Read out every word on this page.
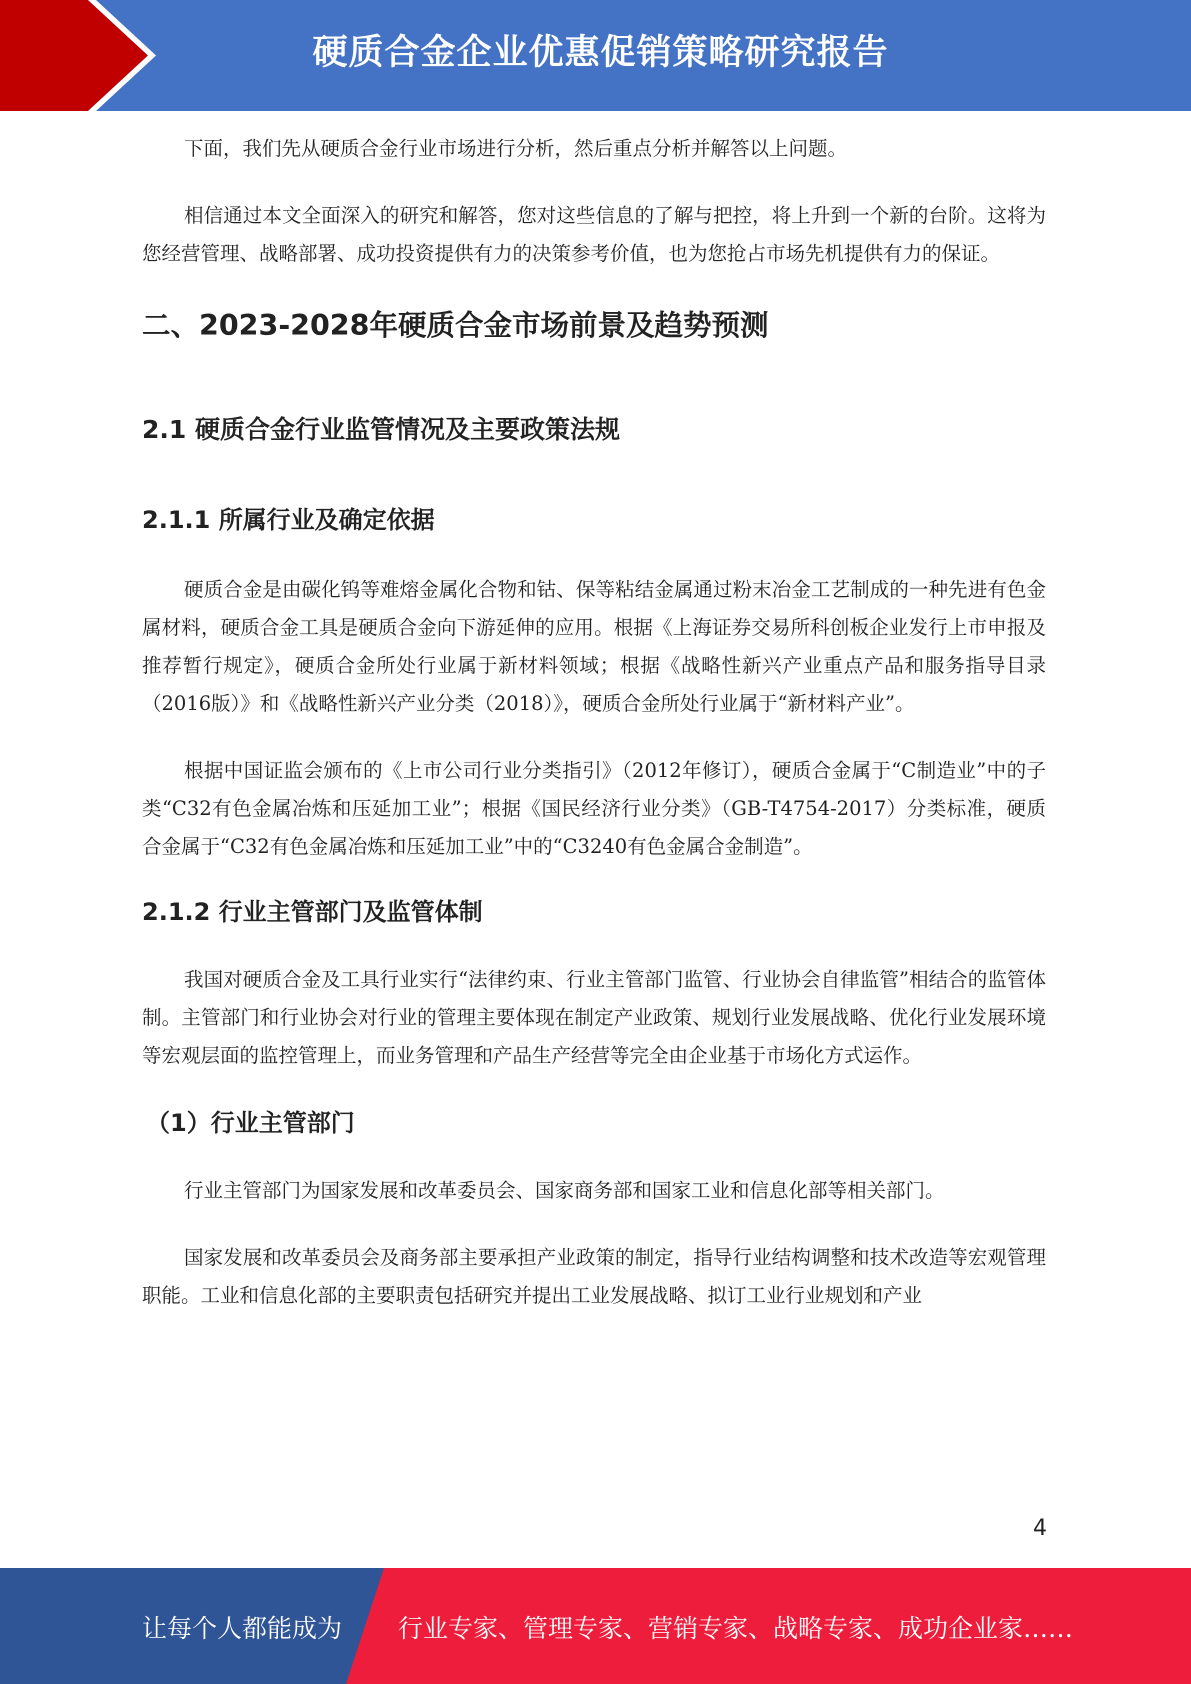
硬质合金企业优惠促销策略研究报告

下面，我们先从硬质合金行业市场进行分析，然后重点分析并解答以上问题。

相信通过本文全面深入的研究和解答，您对这些信息的了解与把控，将上升到一个新的台阶。这将为您经营管理、战略部署、成功投资提供有力的决策参考价值，也为您抢占市场先机提供有力的保证。

二、2023-2028年硬质合金市场前景及趋势预测
2.1 硬质合金行业监管情况及主要政策法规
2.1.1 所属行业及确定依据

硬质合金是由碳化钨等难熔金属化合物和钴、保等粘结金属通过粉末冶金工艺制成的一种先进有色金属材料，硬质合金工具是硬质合金向下游延伸的应用。根据《上海证券交易所科创板企业发行上市申报及推荐暂行规定》，硬质合金所处行业属于新材料领域；根据《战略性新兴产业重点产品和服务指导目录（2016版）》和《战略性新兴产业分类（2018）》，硬质合金所处行业属于“新材料产业”。

根据中国证监会颁布的《上市公司行业分类指引》（2012年修订），硬质合金属于“C制造业”中的子类“C32有色金属冶炼和压延加工业”；根据《国民经济行业分类》（GB-T4754-2017）分类标准，硬质合金属于“C32有色金属冶炼和压延加工业”中的“C3240有色金属合金制造”。

2.1.2 行业主管部门及监管体制

我国对硬质合金及工具行业实行“法律约束、行业主管部门监管、行业协会自律监管”相结合的监管体制。主管部门和行业协会对行业的管理主要体现在制定产业政策、规划行业发展战略、优化行业发展环境等宏观层面的监控管理上，而业务管理和产品生产经营等完全由企业基于市场化方式运作。

（1）行业主管部门

行业主管部门为国家发展和改革委员会、国家商务部和国家工业和信息化部等相关部门。

国家发展和改革委员会及商务部主要承担产业政策的制定，指导行业结构调整和技术改造等宏观管理职能。工业和信息化部的主要职责包括研究并提出工业发展战略、拟订工业行业规划和产业

4
让每个人都能成为 行业专家、管理专家、营销专家、战略专家、成功企业家……
